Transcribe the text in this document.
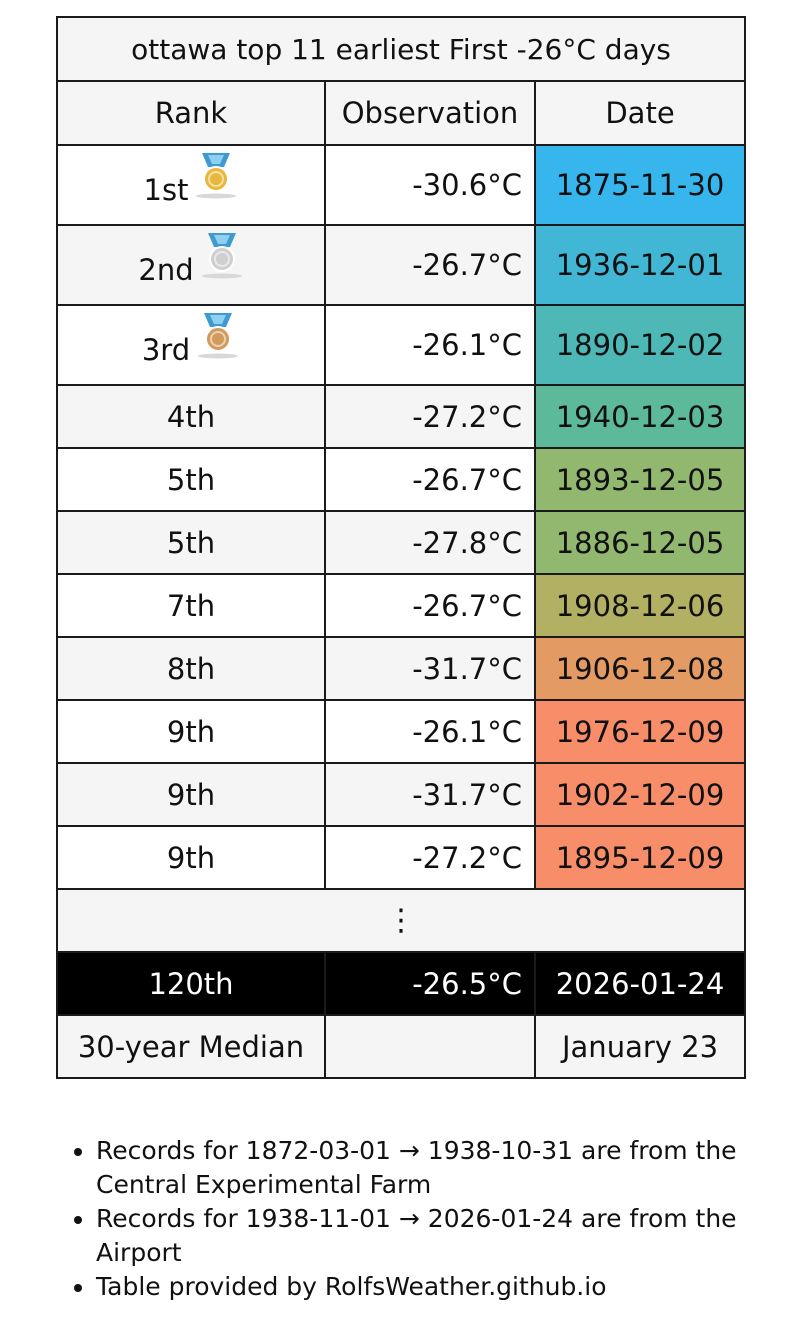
ottawa top 11 earliest First -26°C days		
Rank	Observation	Date
1st	-30.6°C	1875-11-30
2nd	-26.7°C	1936-12-01
3rd	-26.1°C	1890-12-02
4th	-27.2°C	1940-12-03
5th	-26.7°C	1893-12-05
5th	-27.8°C	1886-12-05
7th	-26.7°C	1908-12-06
8th	-31.7°C	1906-12-08
9th	-26.1°C	1976-12-09
9th	-31.7°C	1902-12-09
9th	-27.2°C	1895-12-09
⋮		
120th	-26.5°C	2026-01-24
30-year Median		January 23
• Records for 1872-03-01 → 1938-10-31 are from the Central Experimental Farm
• Records for 1938-11-01 → 2026-01-24 are from the Airport
• Table provided by RolfsWeather.github.io
